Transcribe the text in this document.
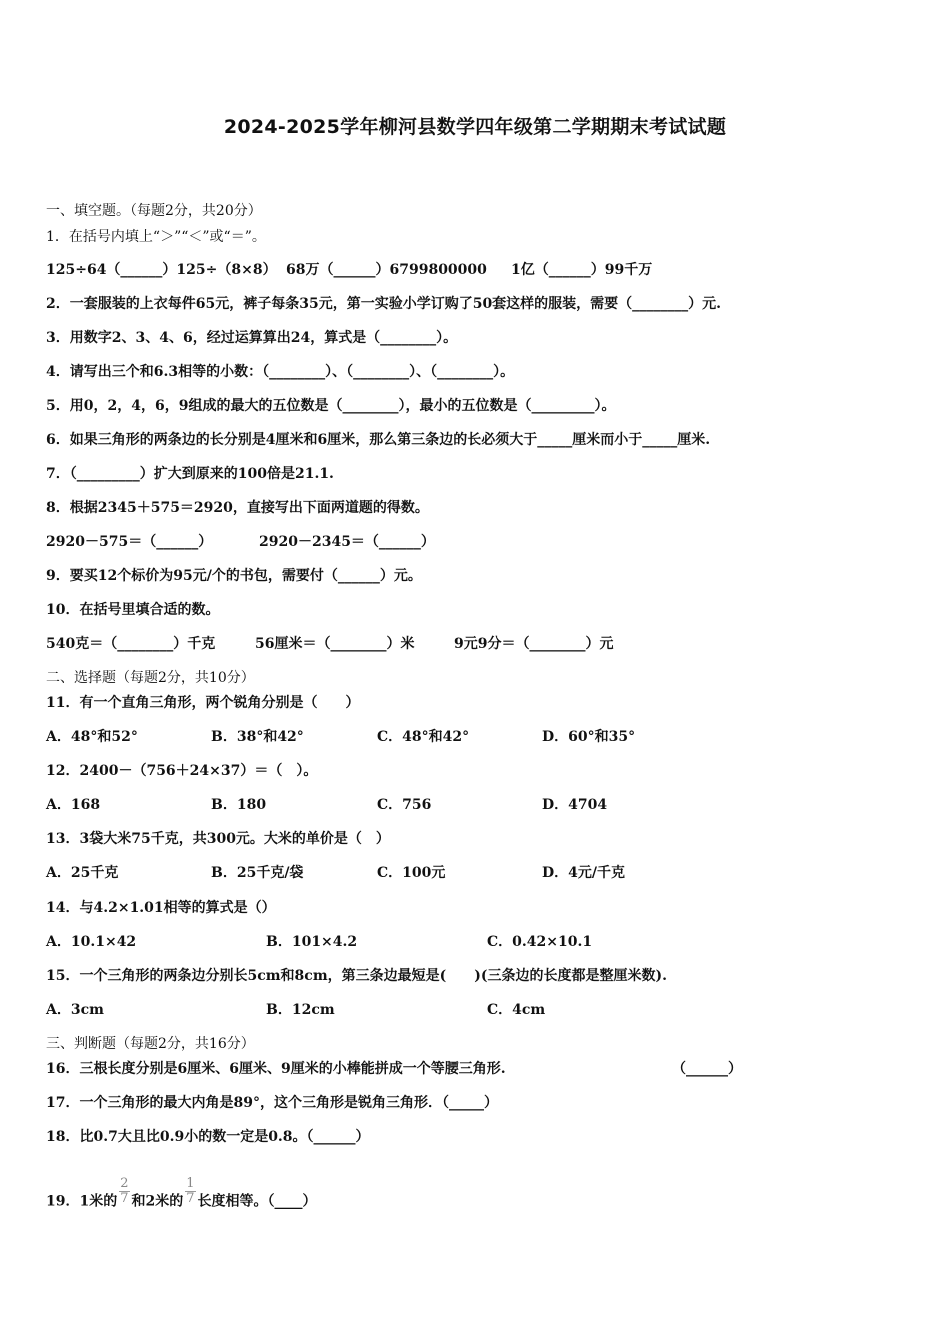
2024-2025学年柳河县数学四年级第二学期期末考试试题
一、填空题。（每题2分，共20分）
1．在括号内填上“＞”“＜”或“＝”。
125÷64（______）125÷（8×8） 68万（______）6799800000 1亿（______）99千万
2．一套服装的上衣每件65元，裤子每条35元，第一实验小学订购了50套这样的服装，需要（________）元.
3．用数字2、3、4、6，经过运算算出24，算式是（________）。
4．请写出三个和6.3相等的小数：（________）、（________）、（________）。
5．用0，2，4，6，9组成的最大的五位数是（________），最小的五位数是（_________）。
6．如果三角形的两条边的长分别是4厘米和6厘米，那么第三条边的长必须大于_____厘米而小于_____厘米.
7．（_________）扩大到原来的100倍是21.1.
8．根据2345＋575＝2920，直接写出下面两道题的得数。
2920－575＝（______）	2920－2345＝（______）
9．要买12个标价为95元/个的书包，需要付（______）元。
10．在括号里填合适的数。
540克＝（________）千克	56厘米＝（________）米	9元9分＝（________）元
二、选择题（每题2分，共10分）
11．有一个直角三角形，两个锐角分别是（　　）
A．48°和52°	B．38°和42°	C．48°和42°	D．60°和35°
12．2400－（756＋24×37）＝（　）。
A．168	B．180	C．756	D．4704
13．3袋大米75千克，共300元。大米的单价是（　）
A．25千克	B．25千克/袋	C．100元	D．4元/千克
14．与4.2×1.01相等的算式是（）
A．10.1×42	B．101×4.2	C．0.42×10.1
15．一个三角形的两条边分别长5cm和8cm，第三条边最短是(　　)(三条边的长度都是整厘米数).
A．3cm	B．12cm	C．4cm
三、判断题（每题2分，共16分）
16．三根长度分别是6厘米、6厘米、9厘米的小棒能拼成一个等腰三角形.	（______）
17．一个三角形的最大内角是89°，这个三角形是锐角三角形．（_____）
18．比0.7大且比0.9小的数一定是0.8。（______）
19．1米的 $\frac{2}{7}$ 和2米的 $\frac{1}{7}$ 长度相等。（____）
